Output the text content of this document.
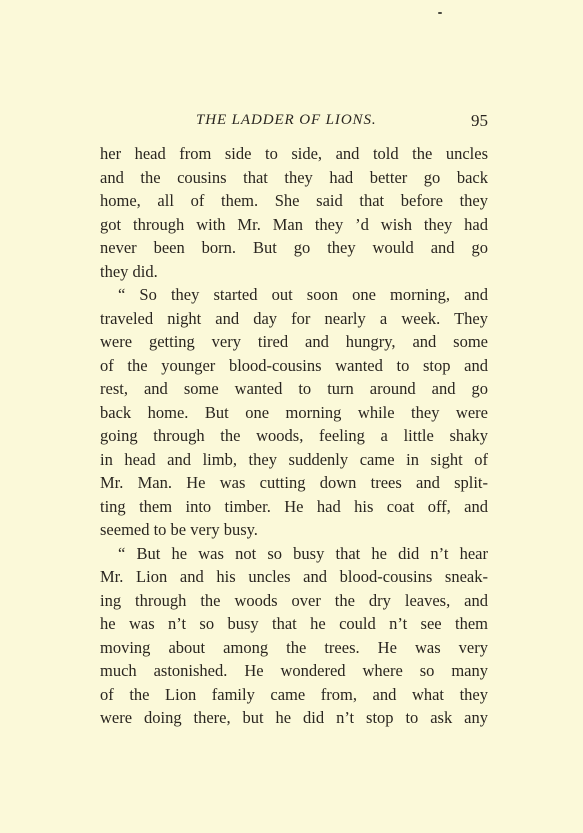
THE LADDER OF LIONS.	95
her head from side to side, and told the uncles
and the cousins that they had better go back
home, all of them. She said that before they
got through with Mr. Man they ’d wish they had
never been born. But go they would and go
they did.
“ So they started out soon one morning, and
traveled night and day for nearly a week. They
were getting very tired and hungry, and some
of the younger blood-cousins wanted to stop and
rest, and some wanted to turn around and go
back home. But one morning while they were
going through the woods, feeling a little shaky
in head and limb, they suddenly came in sight of
Mr. Man. He was cutting down trees and split-
ting them into timber. He had his coat off, and
seemed to be very busy.
“ But he was not so busy that he did n’t hear
Mr. Lion and his uncles and blood-cousins sneak-
ing through the woods over the dry leaves, and
he was n’t so busy that he could n’t see them
moving about among the trees. He was very
much astonished. He wondered where so many
of the Lion family came from, and what they
were doing there, but he did n’t stop to ask any
